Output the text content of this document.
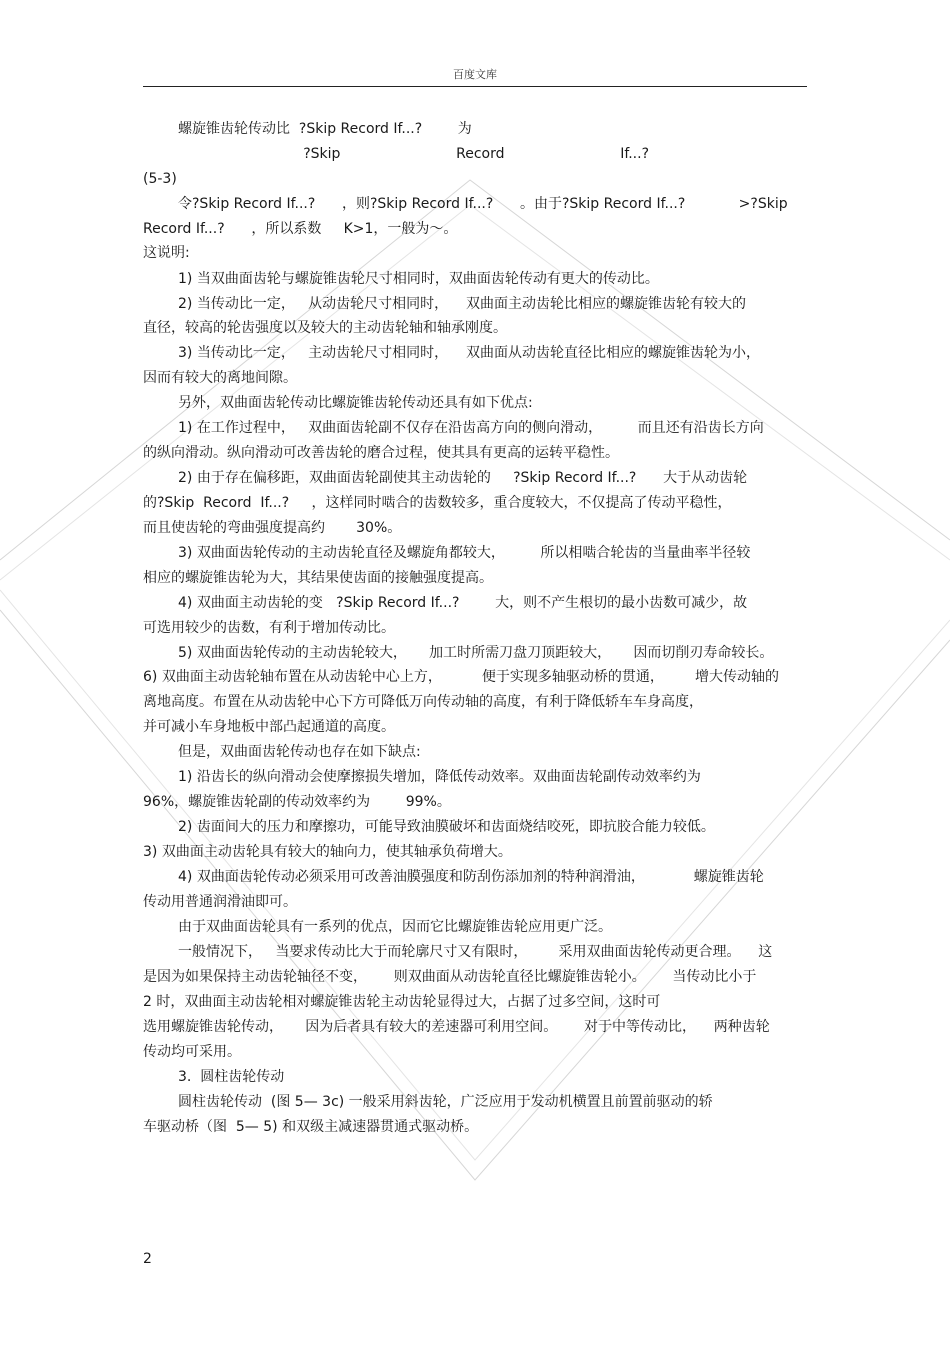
百度文库
螺旋锥齿轮传动比  ?Skip Record If...?        为
?Skip                          Record                          If...?
(5-3)
令?Skip Record If...?      ，则?Skip Record If...?      。由于?Skip Record If...?            >?Skip
Record If...?      ，所以系数     K>1，一般为～。
这说明:
1) 当双曲面齿轮与螺旋锥齿轮尺寸相同时，双曲面齿轮传动有更大的传动比。
2) 当传动比一定，   从动齿轮尺寸相同时，    双曲面主动齿轮比相应的螺旋锥齿轮有较大的
直径，较高的轮齿强度以及较大的主动齿轮轴和轴承刚度。
3) 当传动比一定，   主动齿轮尺寸相同时，    双曲面从动齿轮直径比相应的螺旋锥齿轮为小，
因而有较大的离地间隙。
另外，双曲面齿轮传动比螺旋锥齿轮传动还具有如下优点:
1) 在工作过程中，   双曲面齿轮副不仅存在沿齿高方向的侧向滑动，        而且还有沿齿长方向
的纵向滑动。纵向滑动可改善齿轮的磨合过程，使其具有更高的运转平稳性。
2) 由于存在偏移距，双曲面齿轮副使其主动齿轮的     ?Skip Record If...?      大于从动齿轮
的?Skip  Record  If...?     ，这样同时啮合的齿数较多，重合度较大，不仅提高了传动平稳性，
而且使齿轮的弯曲强度提高约       30%。
3) 双曲面齿轮传动的主动齿轮直径及螺旋角都较大，        所以相啮合轮齿的当量曲率半径较
相应的螺旋锥齿轮为大，其结果使齿面的接触强度提高。
4) 双曲面主动齿轮的变   ?Skip Record If...?        大，则不产生根切的最小齿数可减少，故
可选用较少的齿数，有利于增加传动比。
5) 双曲面齿轮传动的主动齿轮较大，     加工时所需刀盘刀顶距较大，     因而切削刃寿命较长。
6) 双曲面主动齿轮轴布置在从动齿轮中心上方，         便于实现多轴驱动桥的贯通，       增大传动轴的
离地高度。布置在从动齿轮中心下方可降低万向传动轴的高度，有利于降低轿车车身高度，
并可减小车身地板中部凸起通道的高度。
但是，双曲面齿轮传动也存在如下缺点:
1) 沿齿长的纵向滑动会使摩擦损失增加，降低传动效率。双曲面齿轮副传动效率约为
96%，螺旋锥齿轮副的传动效率约为        99%。
2) 齿面间大的压力和摩擦功，可能导致油膜破坏和齿面烧结咬死，即抗胶合能力较低。
3) 双曲面主动齿轮具有较大的轴向力，使其轴承负荷增大。
4) 双曲面齿轮传动必须采用可改善油膜强度和防刮伤添加剂的特种润滑油，           螺旋锥齿轮
传动用普通润滑油即可。
由于双曲面齿轮具有一系列的优点，因而它比螺旋锥齿轮应用更广泛。
一般情况下，   当要求传动比大于而轮廓尺寸又有限时，       采用双曲面齿轮传动更合理。    这
是因为如果保持主动齿轮轴径不变，      则双曲面从动齿轮直径比螺旋锥齿轮小。      当传动比小于
2 时，双曲面主动齿轮相对螺旋锥齿轮主动齿轮显得过大，占据了过多空间，这时可
选用螺旋锥齿轮传动，     因为后者具有较大的差速器可利用空间。      对于中等传动比，    两种齿轮
传动均可采用。
3.  圆柱齿轮传动
圆柱齿轮传动  (图 5— 3c) 一般采用斜齿轮，广泛应用于发动机横置且前置前驱动的轿
车驱动桥（图  5— 5) 和双级主减速器贯通式驱动桥。
2
